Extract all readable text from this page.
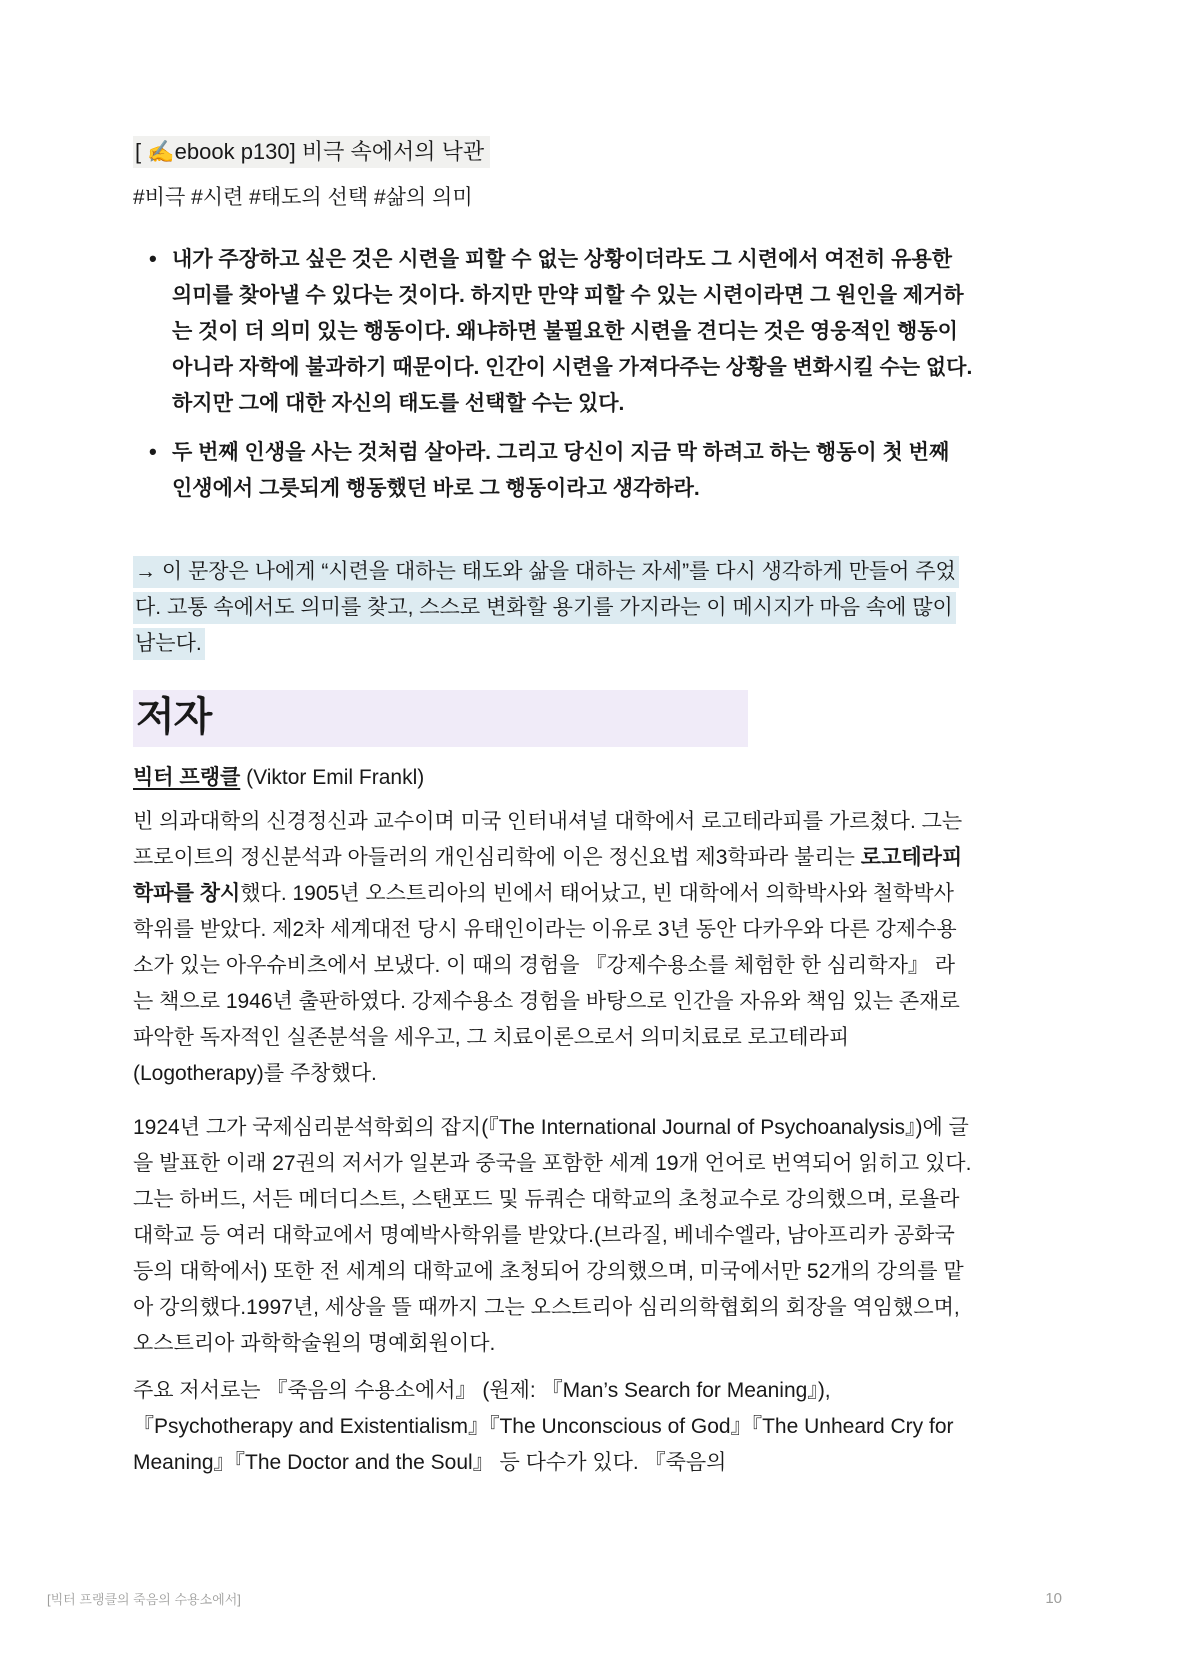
[ ✍️ebook p130] 비극 속에서의 낙관

#비극 #시련 #태도의 선택 #삶의 의미

• 내가 주장하고 싶은 것은 시련을 피할 수 없는 상황이더라도 그 시련에서 여전히 유용한 의미를 찾아낼 수 있다는 것이다. 하지만 만약 피할 수 있는 시련이라면 그 원인을 제거하는 것이 더 의미 있는 행동이다. 왜냐하면 불필요한 시련을 견디는 것은 영웅적인 행동이 아니라 자학에 불과하기 때문이다. 인간이 시련을 가져다주는 상황을 변화시킬 수는 없다. 하지만 그에 대한 자신의 태도를 선택할 수는 있다.
• 두 번째 인생을 사는 것처럼 살아라. 그리고 당신이 지금 막 하려고 하는 행동이 첫 번째 인생에서 그릇되게 행동했던 바로 그 행동이라고 생각하라.

→ 이 문장은 나에게 “시련을 대하는 태도와 삶을 대하는 자세”를 다시 생각하게 만들어 주었다. 고통 속에서도 의미를 찾고, 스스로 변화할 용기를 가지라는 이 메시지가 마음 속에 많이 남는다.

저자

빅터 프랭클 (Viktor Emil Frankl)

빈 의과대학의 신경정신과 교수이며 미국 인터내셔널 대학에서 로고테라피를 가르쳤다. 그는 프로이트의 정신분석과 아들러의 개인심리학에 이은 정신요법 제3학파라 불리는 로고테라피 학파를 창시했다. 1905년 오스트리아의 빈에서 태어났고, 빈 대학에서 의학박사와 철학박사 학위를 받았다. 제2차 세계대전 당시 유태인이라는 이유로 3년 동안 다카우와 다른 강제수용소가 있는 아우슈비츠에서 보냈다. 이 때의 경험을 『강제수용소를 체험한 한 심리학자』 라는 책으로 1946년 출판하였다. 강제수용소 경험을 바탕으로 인간을 자유와 책임 있는 존재로 파악한 독자적인 실존분석을 세우고, 그 치료이론으로서 의미치료로 로고테라피(Logotherapy)를 주창했다.

1924년 그가 국제심리분석학회의 잡지(『The International Journal of Psychoanalysis』)에 글을 발표한 이래 27권의 저서가 일본과 중국을 포함한 세계 19개 언어로 번역되어 읽히고 있다. 그는 하버드, 서든 메더디스트, 스탠포드 및 듀쿼슨 대학교의 초청교수로 강의했으며, 로욜라 대학교 등 여러 대학교에서 명예박사학위를 받았다.(브라질, 베네수엘라, 남아프리카 공화국 등의 대학에서) 또한 전 세계의 대학교에 초청되어 강의했으며, 미국에서만 52개의 강의를 맡아 강의했다.1997년, 세상을 뜰 때까지 그는 오스트리아 심리의학협회의 회장을 역임했으며, 오스트리아 과학학술원의 명예회원이다.

주요 저서로는 『죽음의 수용소에서』 (원제: 『Man’s Search for Meaning』), 『Psychotherapy and Existentialism』『The Unconscious of God』『The Unheard Cry for Meaning』『The Doctor and the Soul』 등 다수가 있다. 『죽음의

[빅터 프랭클의 죽음의 수용소에서]	10
